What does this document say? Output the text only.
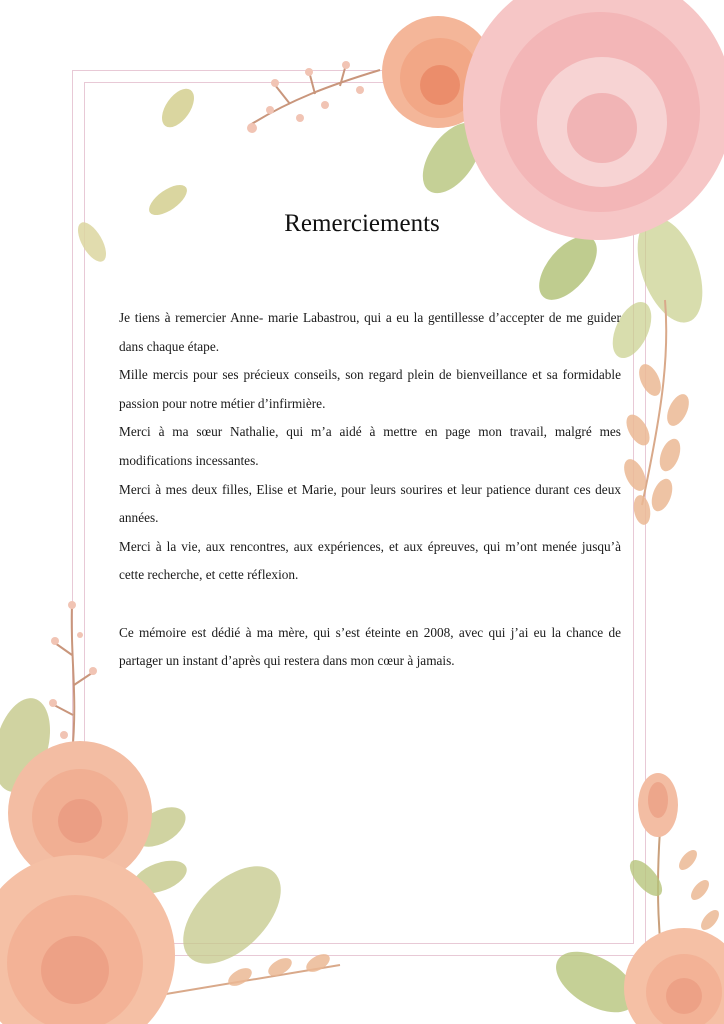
Remerciements

Je tiens à remercier Anne- marie Labastrou, qui a eu la gentillesse d’accepter de me guider dans chaque étape.

Mille mercis pour ses précieux conseils, son regard plein de bienveillance et sa formidable passion pour notre métier d’infirmière.

Merci à ma sœur Nathalie, qui m’a aidé à mettre en page mon travail, malgré mes modifications incessantes.

Merci à mes deux filles, Elise et Marie, pour leurs sourires et leur patience durant ces deux années.

Merci à la vie, aux rencontres, aux expériences, et aux épreuves, qui m’ont menée jusqu’à cette recherche, et cette réflexion.

Ce mémoire est dédié à ma mère, qui s’est éteinte en 2008, avec qui j’ai eu la chance de partager un instant d’après qui restera dans mon cœur à jamais.
